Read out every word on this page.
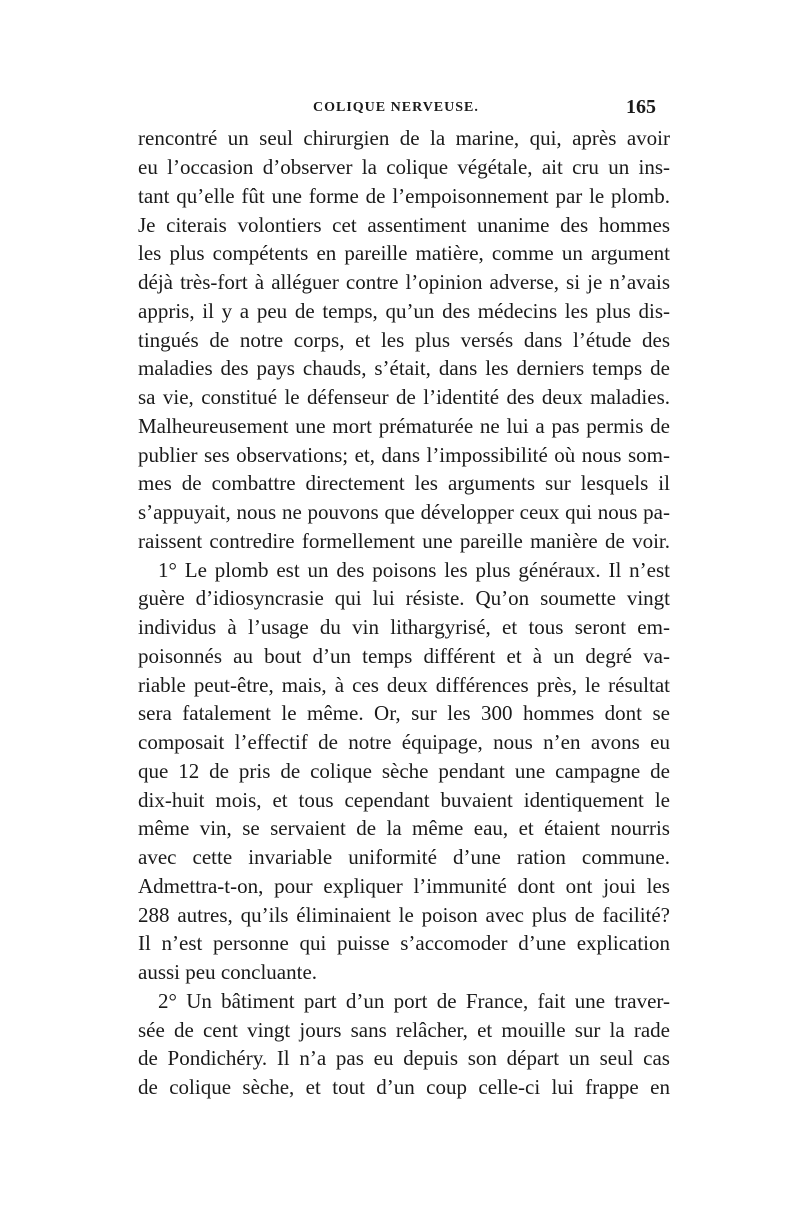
COLIQUE NERVEUSE.	165
rencontré un seul chirurgien de la marine, qui, après avoir
eu l’occasion d’observer la colique végétale, ait cru un ins-
tant qu’elle fût une forme de l’empoisonnement par le plomb.
Je citerais volontiers cet assentiment unanime des hommes
les plus compétents en pareille matière, comme un argument
déjà très-fort à alléguer contre l’opinion adverse, si je n’avais
appris, il y a peu de temps, qu’un des médecins les plus dis-
tingués de notre corps, et les plus versés dans l’étude des
maladies des pays chauds, s’était, dans les derniers temps de
sa vie, constitué le défenseur de l’identité des deux maladies.
Malheureusement une mort prématurée ne lui a pas permis de
publier ses observations; et, dans l’impossibilité où nous som-
mes de combattre directement les arguments sur lesquels il
s’appuyait, nous ne pouvons que développer ceux qui nous pa-
raissent contredire formellement une pareille manière de voir.
1° Le plomb est un des poisons les plus généraux. Il n’est
guère d’idiosyncrasie qui lui résiste. Qu’on soumette vingt
individus à l’usage du vin lithargyrisé, et tous seront em-
poisonnés au bout d’un temps différent et à un degré va-
riable peut-être, mais, à ces deux différences près, le résultat
sera fatalement le même. Or, sur les 300 hommes dont se
composait l’effectif de notre équipage, nous n’en avons eu
que 12 de pris de colique sèche pendant une campagne de
dix-huit mois, et tous cependant buvaient identiquement le
même vin, se servaient de la même eau, et étaient nourris
avec cette invariable uniformité d’une ration commune.
Admettra-t-on, pour expliquer l’immunité dont ont joui les
288 autres, qu’ils éliminaient le poison avec plus de facilité?
Il n’est personne qui puisse s’accomoder d’une explication
aussi peu concluante.
2° Un bâtiment part d’un port de France, fait une traver-
sée de cent vingt jours sans relâcher, et mouille sur la rade
de Pondichéry. Il n’a pas eu depuis son départ un seul cas
de colique sèche, et tout d’un coup celle-ci lui frappe en
